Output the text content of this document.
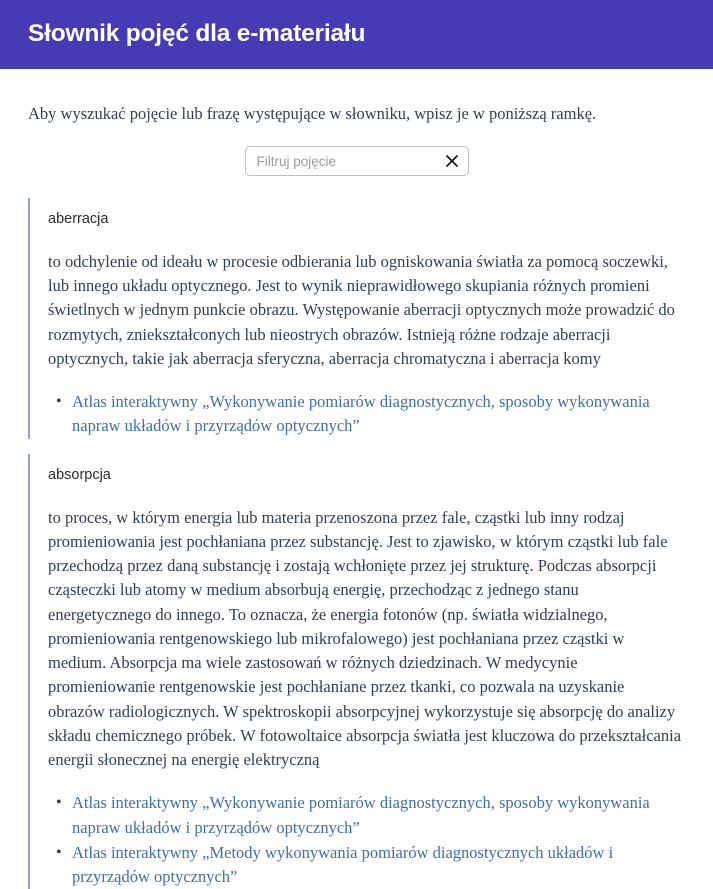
Słownik pojęć dla e-materiału

Aby wyszukać pojęcie lub frazę występujące w słowniku, wpisz je w poniższą ramkę.

Filtruj pojęcie
aberracja

to odchylenie od ideału w procesie odbierania lub ogniskowania światła za pomocą soczewki, lub innego układu optycznego. Jest to wynik nieprawidłowego skupiania różnych promieni świetlnych w jednym punkcie obrazu. Występowanie aberracji optycznych może prowadzić do rozmytych, zniekształconych lub nieostrych obrazów. Istnieją różne rodzaje aberracji optycznych, takie jak aberracja sferyczna, aberracja chromatyczna i aberracja komy

• Atlas interaktywny „Wykonywanie pomiarów diagnostycznych, sposoby wykonywania napraw układów i przyrządów optycznych”
absorpcja

to proces, w którym energia lub materia przenoszona przez fale, cząstki lub inny rodzaj promieniowania jest pochłaniana przez substancję. Jest to zjawisko, w którym cząstki lub fale przechodzą przez daną substancję i zostają wchłonięte przez jej strukturę. Podczas absorpcji cząsteczki lub atomy w medium absorbują energię, przechodząc z jednego stanu energetycznego do innego. To oznacza, że energia fotonów (np. światła widzialnego, promieniowania rentgenowskiego lub mikrofalowego) jest pochłaniana przez cząstki w medium. Absorpcja ma wiele zastosowań w różnych dziedzinach. W medycynie promieniowanie rentgenowskie jest pochłaniane przez tkanki, co pozwala na uzyskanie obrazów radiologicznych. W spektroskopii absorpcyjnej wykorzystuje się absorpcję do analizy składu chemicznego próbek. W fotowoltaice absorpcja światła jest kluczowa do przekształcania energii słonecznej na energię elektryczną

• Atlas interaktywny „Wykonywanie pomiarów diagnostycznych, sposoby wykonywania napraw układów i przyrządów optycznych”
• Atlas interaktywny „Metody wykonywania pomiarów diagnostycznych układów i przyrządów optycznych”
